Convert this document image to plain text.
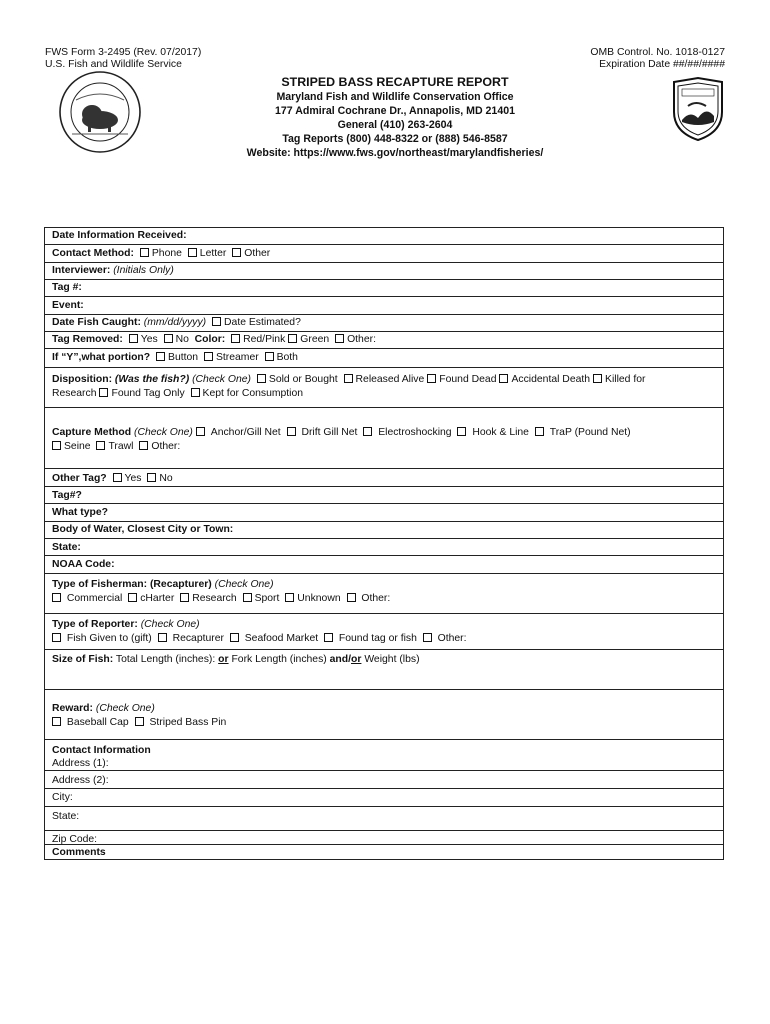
FWS Form 3-2495 (Rev. 07/2017)
U.S. Fish and Wildlife Service
OMB Control. No. 1018-0127
Expiration Date ##/##/####
STRIPED BASS RECAPTURE REPORT
Maryland Fish and Wildlife Conservation Office
177 Admiral Cochrane Dr., Annapolis, MD 21401
General (410) 263-2604
Tag Reports (800) 448-8322 or (888) 546-8587
Website: https://www.fws.gov/northeast/marylandfisheries/
Date Information Received:
Contact Method: Phone Letter Other
Interviewer: (Initials Only)
Tag #:
Event:
Date Fish Caught: (mm/dd/yyyy) Date Estimated?
Tag Removed: Yes No Color: Red/Pink Green Other:
If “Y”,what portion? Button Streamer Both
Disposition: (Was the fish?) (Check One) Sold or Bought Released Alive Found Dead Accidental Death Killed for
Research Found Tag Only Kept for Consumption
Capture Method (Check One) Anchor/Gill Net Drift Gill Net Electroshocking Hook & Line TraP (Pound Net)
Seine Trawl Other:
Other Tag? Yes No
Tag#?
What type?
Body of Water, Closest City or Town:
State:
NOAA Code:
Type of Fisherman: (Recapturer) (Check One)
Commercial cHarter Research Sport Unknown Other:
Type of Reporter: (Check One)
Fish Given to (gift) Recapturer Seafood Market Found tag or fish Other:
Size of Fish: Total Length (inches): or Fork Length (inches) and/or Weight (lbs)
Reward: (Check One)
Baseball Cap Striped Bass Pin
Contact Information
Address (1):
Address (2):
City:
State:
Zip Code:
Comments
